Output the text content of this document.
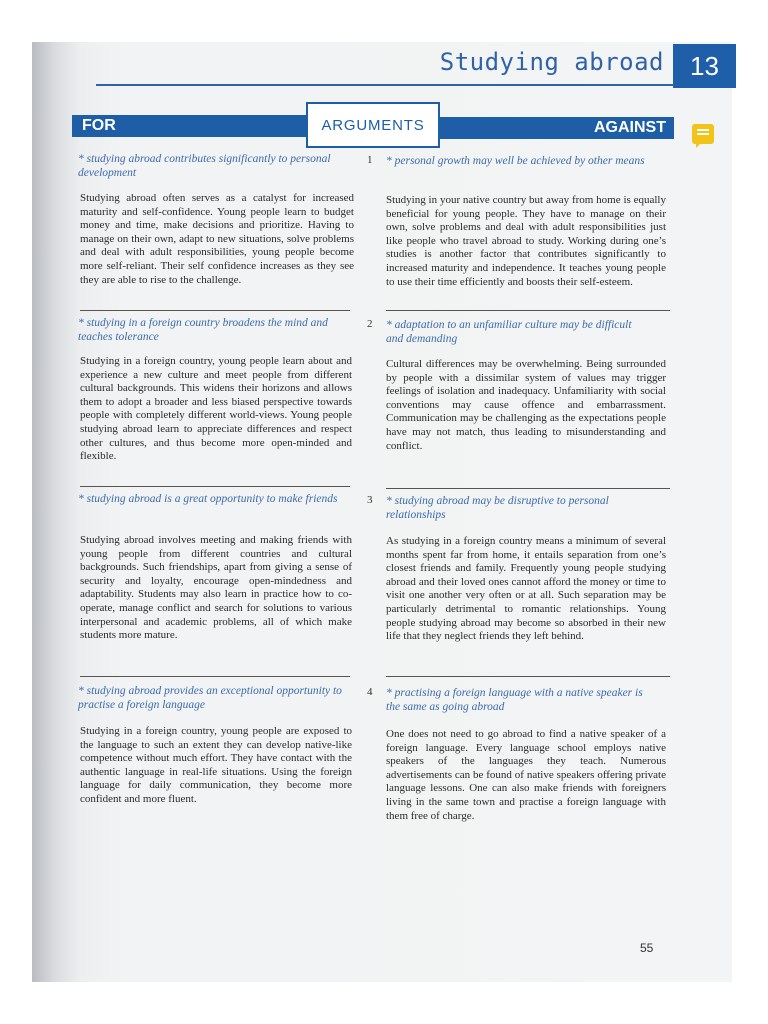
Studying abroad	13
FOR	AGAINST
ARGUMENTS
* studying abroad contributes significantly to personal development
1 * personal growth may well be achieved by other means
Studying abroad often serves as a catalyst for increased maturity and self-confidence. Young people learn to budget money and time, make decisions and prioritize. Having to manage on their own, adapt to new situations, solve problems and deal with adult responsibilities, young people become more self-reliant. Their self confidence increases as they see they are able to rise to the challenge.
Studying in your native country but away from home is equally beneficial for young people. They have to manage on their own, solve problems and deal with adult responsibilities just like people who travel abroad to study. Working during one’s studies is another factor that contributes significantly to increased maturity and independence. It teaches young people to use their time efficiently and boosts their self-esteem.
* studying in a foreign country broadens the mind and teaches tolerance
2 * adaptation to an unfamiliar culture may be difficult and demanding
Studying in a foreign country, young people learn about and experience a new culture and meet people from different cultural backgrounds. This widens their horizons and allows them to adopt a broader and less biased perspective towards people with completely different world-views. Young people studying abroad learn to appreciate differences and respect other cultures, and thus become more open-minded and flexible.
Cultural differences may be overwhelming. Being surrounded by people with a dissimilar system of values may trigger feelings of isolation and inadequacy. Unfamiliarity with social conventions may cause offence and embarrassment. Communication may be challenging as the expectations people have may not match, thus leading to misunderstanding and conflict.
* studying abroad is a great opportunity to make friends	3 * studying abroad may be disruptive to personal relationships
Studying abroad involves meeting and making friends with young people from different countries and cultural backgrounds. Such friendships, apart from giving a sense of security and loyalty, encourage open-mindedness and adaptability. Students may also learn in practice how to co-operate, manage conflict and search for solutions to various interpersonal and academic problems, all of which make students more mature.
As studying in a foreign country means a minimum of several months spent far from home, it entails separation from one’s closest friends and family. Frequently young people studying abroad and their loved ones cannot afford the money or time to visit one another very often or at all. Such separation may be particularly detrimental to romantic relationships. Young people studying abroad may become so absorbed in their new life that they neglect friends they left behind.
* studying abroad provides an exceptional opportunity to practise a foreign language
4 * practising a foreign language with a native speaker is the same as going abroad
Studying in a foreign country, young people are exposed to the language to such an extent they can develop native-like competence without much effort. They have contact with the authentic language in real-life situations. Using the foreign language for daily communication, they become more confident and more fluent.
One does not need to go abroad to find a native speaker of a foreign language. Every language school employs native speakers of the languages they teach. Numerous advertisements can be found of native speakers offering private language lessons. One can also make friends with foreigners living in the same town and practise a foreign language with them free of charge.
55
